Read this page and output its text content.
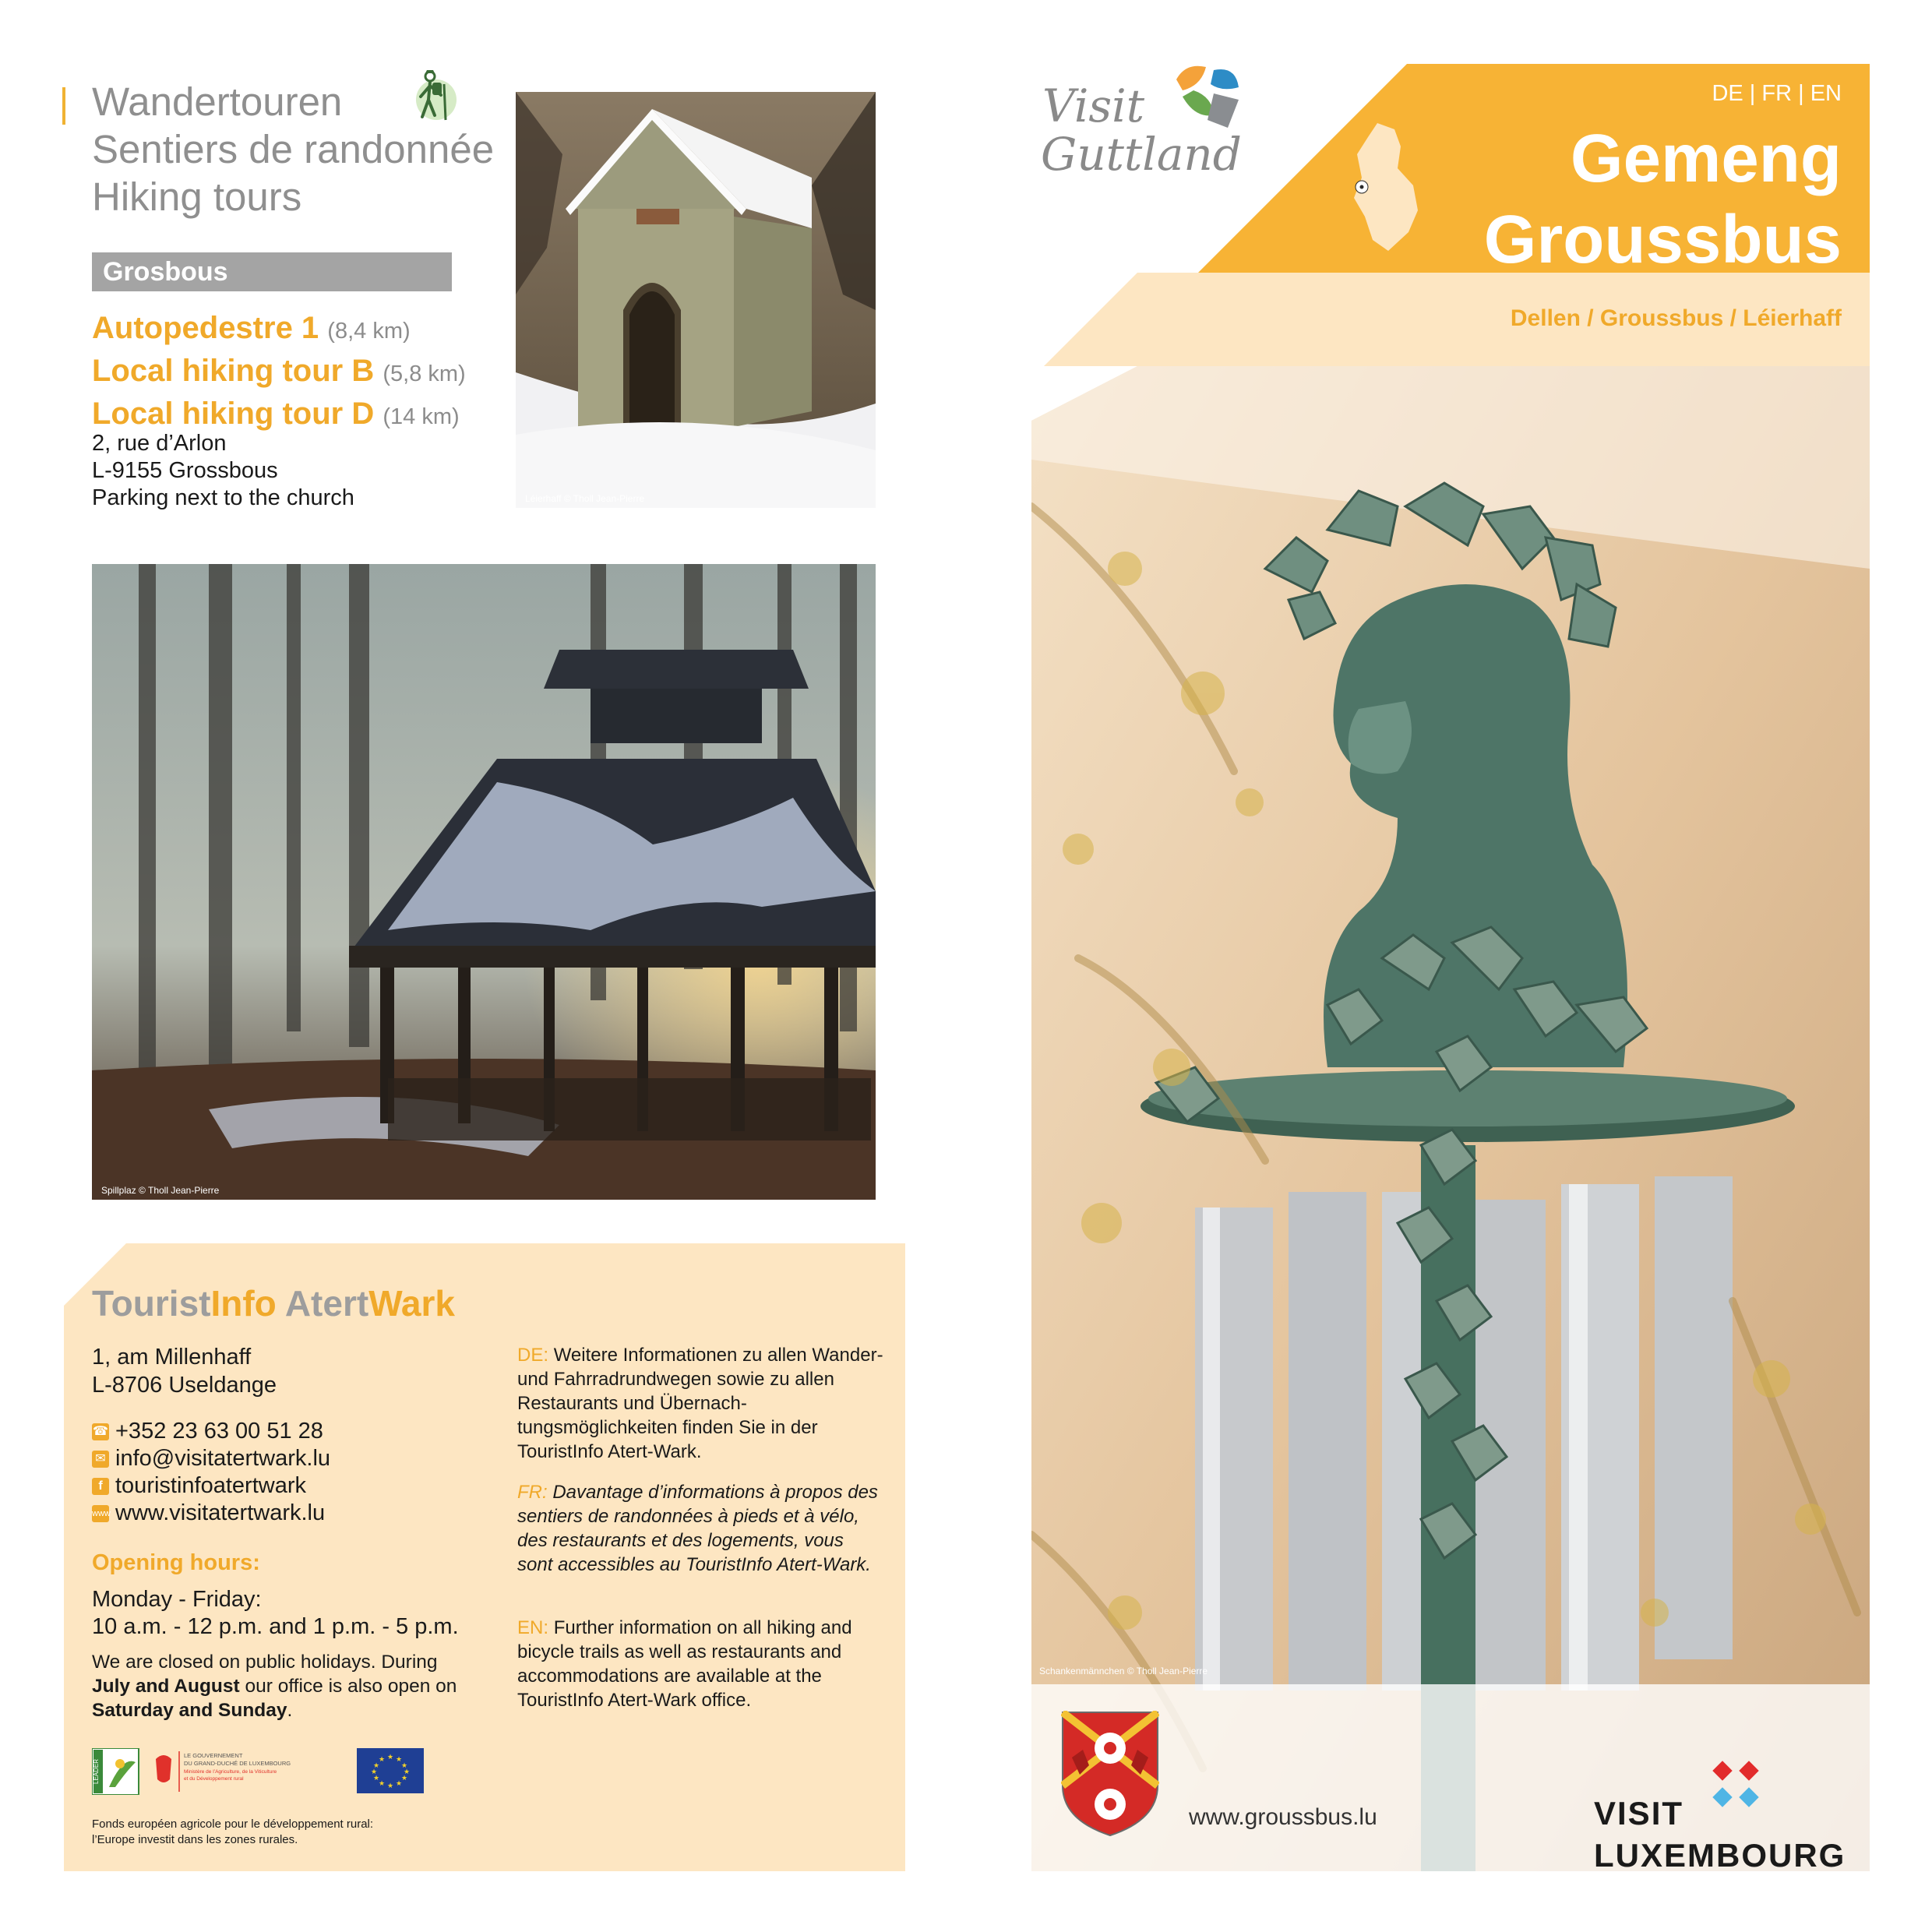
Wandertouren
Sentiers de randonnée
Hiking tours
Grosbous
Autopedestre 1 (8,4 km)
Local hiking tour B (5,8 km)
Local hiking tour D (14 km)
2, rue d’Arlon
L-9155 Grossbous
Parking next to the church	Léierhaff © Tholl Jean-Pierre
Spillplaz © Tholl Jean-Pierre
TouristInfo AtertWark
1, am Millenhaff
L-8706 Useldange
☎ +352 23 63 00 51 28
✉ info@visitatertwark.lu
f touristinfoatertwark
www www.visitatertwark.lu
Opening hours:
Monday - Friday:
10 a.m. - 12 p.m. and 1 p.m. - 5 p.m.
We are closed on public holidays. During July and August our office is also open on Saturday and Sunday.
DE: Weitere Informationen zu allen Wander- und Fahrradrundwegen sowie zu allen Restaurants und Übernach-tungsmöglichkeiten finden Sie in der TouristInfo Atert-Wark.
FR: Davantage d’informations à propos des sentiers de randonnées à pieds et à vélo, des restaurants et des logements, vous sont accessibles au TouristInfo Atert-Wark.
EN: Further information on all hiking and bicycle trails as well as restaurants and accommodations are available at the TouristInfo Atert-Wark office.
LEADER
LE GOUVERNEMENT
DU GRAND-DUCHÉ DE LUXEMBOURG
Ministère de l’Agriculture, de la Viticulture
et du Développement rural
★ ★
★
★
★
★
★
★
★
★
★
★
Fonds européen agricole pour le développement rural: l’Europe investit dans les zones rurales.
Schankenmännchen © Tholl Jean-Pierre
Dellen / Groussbus / Léierhaff
DE | FR | EN
Gemeng
Groussbus
Visit
Guttland
www.groussbus.lu	VISIT
LUXEMBOURG
